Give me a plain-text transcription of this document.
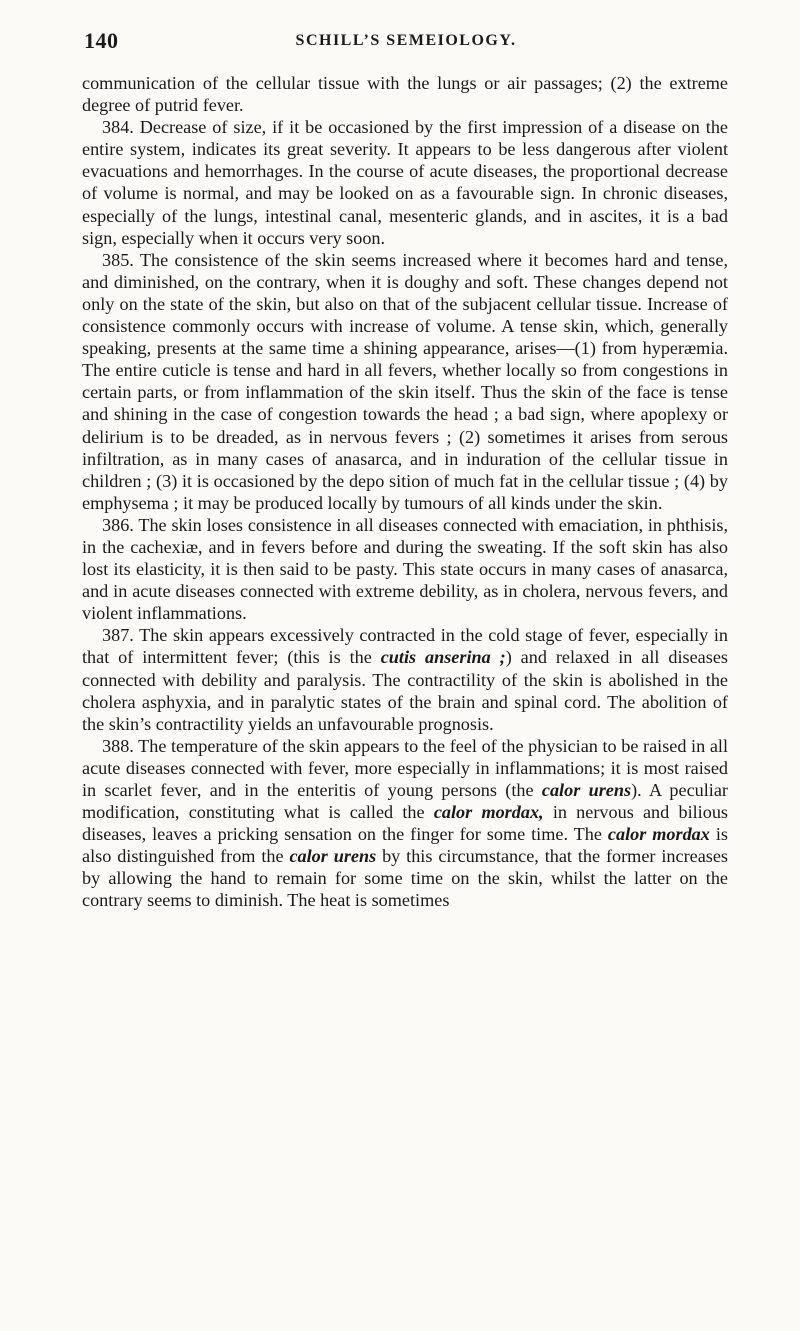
140	SCHILL’S SEMEIOLOGY.

communication of the cellular tissue with the lungs or air passages; (2) the extreme degree of putrid fever.

384. Decrease of size, if it be occasioned by the first impression of a disease on the entire system, indicates its great severity. It appears to be less dangerous after violent evacuations and hemorrhages. In the course of acute diseases, the proportional decrease of volume is normal, and may be looked on as a favourable sign. In chronic diseases, especially of the lungs, intestinal canal, mesenteric glands, and in ascites, it is a bad sign, especially when it occurs very soon.

385. The consistence of the skin seems increased where it becomes hard and tense, and diminished, on the contrary, when it is doughy and soft. These changes depend not only on the state of the skin, but also on that of the subjacent cellular tissue. Increase of consistence commonly occurs with increase of volume. A tense skin, which, generally speaking, presents at the same time a shining appearance, arises—(1) from hyperæmia. The entire cuticle is tense and hard in all fevers, whether locally so from congestions in certain parts, or from inflammation of the skin itself. Thus the skin of the face is tense and shining in the case of congestion towards the head ; a bad sign, where apoplexy or delirium is to be dreaded, as in nervous fevers ; (2) sometimes it arises from serous infiltration, as in many cases of anasarca, and in induration of the cellular tissue in children ; (3) it is occasioned by the depo sition of much fat in the cellular tissue ; (4) by emphysema ; it may be produced locally by tumours of all kinds under the skin.

386. The skin loses consistence in all diseases connected with emaciation, in phthisis, in the cachexiæ, and in fevers before and during the sweating. If the soft skin has also lost its elasticity, it is then said to be pasty. This state occurs in many cases of anasarca, and in acute diseases connected with extreme debility, as in cholera, nervous fevers, and violent inflammations.

387. The skin appears excessively contracted in the cold stage of fever, especially in that of intermittent fever; (this is the cutis anserina ;) and relaxed in all diseases connected with debility and paralysis. The contractility of the skin is abolished in the cholera asphyxia, and in paralytic states of the brain and spinal cord. The abolition of the skin’s contractility yields an unfavourable prognosis.

388. The temperature of the skin appears to the feel of the physician to be raised in all acute diseases connected with fever, more especially in inflammations; it is most raised in scarlet fever, and in the enteritis of young persons (the calor urens). A peculiar modification, constituting what is called the calor mordax, in nervous and bilious diseases, leaves a pricking sensation on the finger for some time. The calor mordax is also distinguished from the calor urens by this circumstance, that the former increases by allowing the hand to remain for some time on the skin, whilst the latter on the contrary seems to diminish. The heat is sometimes
